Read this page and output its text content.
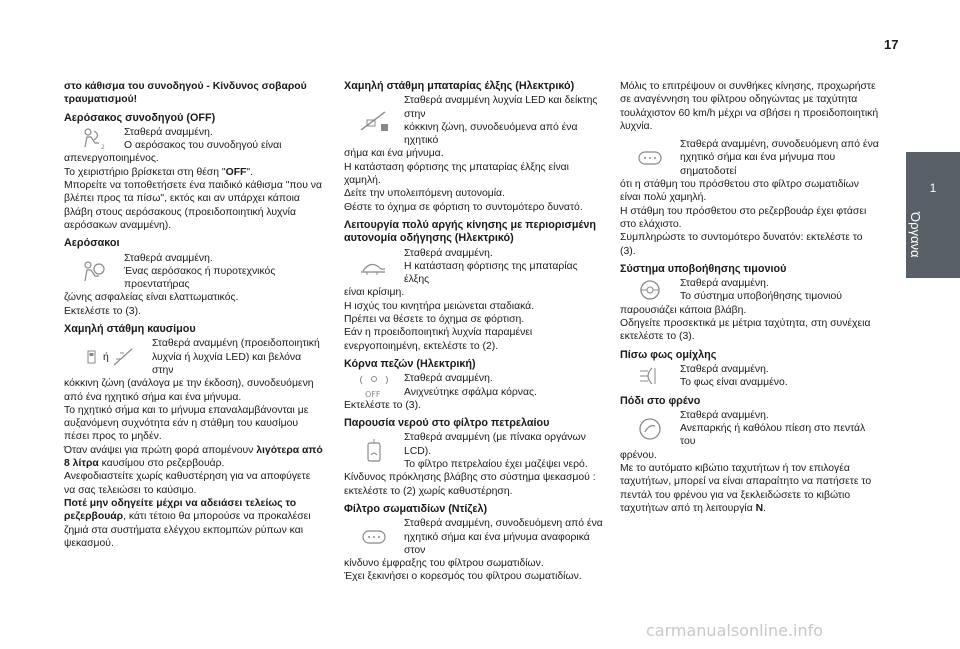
17
1
Όργανα

στο κάθισμα του συνοδηγού - Κίνδυνος σοβαρού τραυματισμού!

Αερόσακος συνοδηγού (OFF)
2
Σταθερά αναμμένη.
Ο αερόσακος του συνοδηγού είναι

απενεργοποιημένος.

Το χειριστήριο βρίσκεται στη θέση "OFF".

Μπορείτε να τοποθετήσετε ένα παιδικό κάθισμα "που να βλέπει προς τα πίσω", εκτός και αν υπάρχει κάποια βλάβη στους αερόσακους (προειδοποιητική λυχνία αερόσακων αναμμένη).

Αερόσακοι
Σταθερά αναμμένη.
Ένας αερόσακος ή πυροτεχνικός προεντατήρας

ζώνης ασφαλείας είναι ελαττωματικός.

Εκτελέστε το (3).

Χαμηλή στάθμη καυσίμου
ή
Σταθερά αναμμένη (προειδοποιητική
λυχνία ή λυχνία LED) και βελόνα στην

κόκκινη ζώνη (ανάλογα με την έκδοση), συνοδευόμενη από ένα ηχητικό σήμα και ένα μήνυμα.

Το ηχητικό σήμα και το μήνυμα επαναλαμβάνονται με αυξανόμενη συχνότητα εάν η στάθμη του καυσίμου πέσει προς το μηδέν.

Όταν ανάψει για πρώτη φορά απομένουν λιγότερα από 8 λίτρα καυσίμου στο ρεζερβουάρ.

Ανεφοδιαστείτε χωρίς καθυστέρηση για να αποφύγετε να σας τελειώσει το καύσιμο.

Ποτέ μην οδηγείτε μέχρι να αδειάσει τελείως το ρεζερβουάρ, κάτι τέτοιο θα μπορούσε να προκαλέσει ζημιά στα συστήματα ελέγχου εκπομπών ρύπων και ψεκασμού.

Χαμηλή στάθμη μπαταρίας έλξης (Ηλεκτρικό)
Σταθερά αναμμένη λυχνία LED και δείκτης στην
κόκκινη ζώνη, συνοδευόμενα από ένα ηχητικό

σήμα και ένα μήνυμα.

Η κατάσταση φόρτισης της μπαταρίας έλξης είναι χαμηλή.

Δείτε την υπολειπόμενη αυτονομία.

Θέστε το όχημα σε φόρτιση το συντομότερο δυνατό.

Λειτουργία πολύ αργής κίνησης με περιορισμένη αυτονομία οδήγησης (Ηλεκτρικό)
Σταθερά αναμμένη.
Η κατάσταση φόρτισης της μπαταρίας έλξης

είναι κρίσιμη.

Η ισχύς του κινητήρα μειώνεται σταδιακά.

Πρέπει να θέσετε το όχημα σε φόρτιση.

Εάν η προειδοποιητική λυχνία παραμένει ενεργοποιημένη, εκτελέστε το (2).

Κόρνα πεζών (Ηλεκτρική)
OFF
Σταθερά αναμμένη.
Ανιχνεύτηκε σφάλμα κόρνας.

Εκτελέστε το (3).

Παρουσία νερού στο φίλτρο πετρελαίου
Σταθερά αναμμένη (με πίνακα οργάνων LCD).
Το φίλτρο πετρελαίου έχει μαζέψει νερό.

Κίνδυνος πρόκλησης βλάβης στο σύστημα ψεκασμού : εκτελέστε το (2) χωρίς καθυστέρηση.

Φίλτρο σωματιδίων (Ντίζελ)
Σταθερά αναμμένη, συνοδευόμενη από ένα
ηχητικό σήμα και ένα μήνυμα αναφορικά στον

κίνδυνο έμφραξης του φίλτρου σωματιδίων.

Έχει ξεκινήσει ο κορεσμός του φίλτρου σωματιδίων.

Μόλις το επιτρέψουν οι συνθήκες κίνησης, προχωρήστε σε αναγέννηση του φίλτρου οδηγώντας με ταχύτητα τουλάχιστον 60 km/h μέχρι να σβήσει η προειδοποιητική λυχνία.

Σταθερά αναμμένη, συνοδευόμενη από ένα
ηχητικό σήμα και ένα μήνυμα που σηματοδοτεί

ότι η στάθμη του πρόσθετου στο φίλτρο σωματιδίων είναι πολύ χαμηλή.

Η στάθμη του πρόσθετου στο ρεζερβουάρ έχει φτάσει στο ελάχιστο.

Συμπληρώστε το συντομότερο δυνατόν: εκτελέστε το (3).

Σύστημα υποβοήθησης τιμονιού
Σταθερά αναμμένη.
Το σύστημα υποβοήθησης τιμονιού

παρουσιάζει κάποια βλάβη.

Οδηγείτε προσεκτικά με μέτρια ταχύτητα, στη συνέχεια εκτελέστε το (3).

Πίσω φως ομίχλης
Σταθερά αναμμένη.
Το φως είναι αναμμένο.
Πόδι στο φρένο
Σταθερά αναμμένη.
Ανεπαρκής ή καθόλου πίεση στο πεντάλ του

φρένου.

Με το αυτόματο κιβώτιο ταχυτήτων ή τον επιλογέα ταχυτήτων, μπορεί να είναι απαραίτητο να πατήσετε το πεντάλ του φρένου για να ξεκλειδώσετε το κιβώτιο ταχυτήτων από τη λειτουργία N.

carmanualsonline.info
